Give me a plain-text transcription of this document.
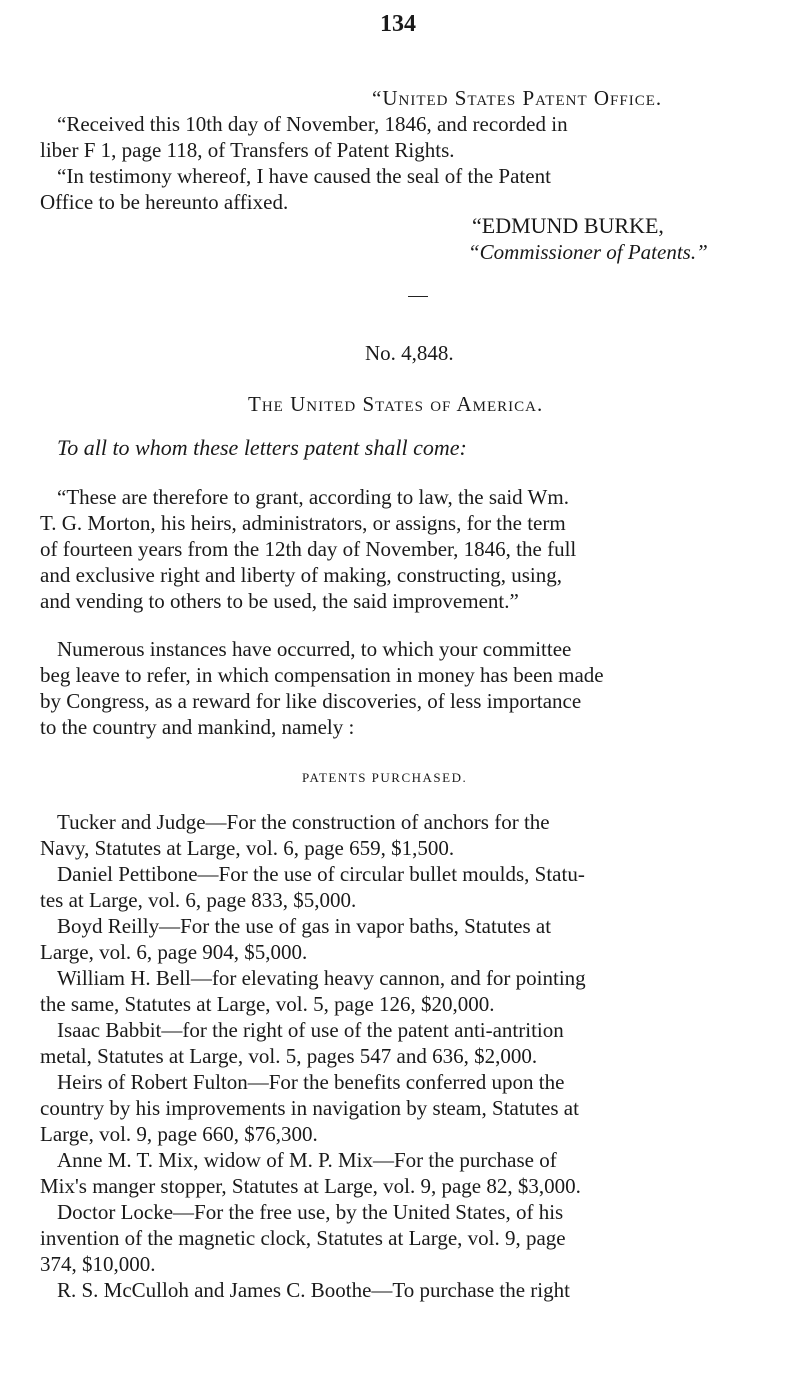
134
“United States Patent Office.
“Received this 10th day of November, 1846, and recorded in
liber F 1, page 118, of Transfers of Patent Rights.
“In testimony whereof, I have caused the seal of the Patent
Office to be hereunto affixed.
“EDMUND BURKE,
“Commissioner of Patents.”
No. 4,848.
The United States of America.
To all to whom these letters patent shall come:
“These are therefore to grant, according to law, the said Wm.
T. G. Morton, his heirs, administrators, or assigns, for the term
of fourteen years from the 12th day of November, 1846, the full
and exclusive right and liberty of making, constructing, using,
and vending to others to be used, the said improvement.”
Numerous instances have occurred, to which your committee
beg leave to refer, in which compensation in money has been made
by Congress, as a reward for like discoveries, of less importance
to the country and mankind, namely :
PATENTS PURCHASED.
Tucker and Judge—For the construction of anchors for the
Navy, Statutes at Large, vol. 6, page 659, $1,500.
Daniel Pettibone—For the use of circular bullet moulds, Statu-
tes at Large, vol. 6, page 833, $5,000.
Boyd Reilly—For the use of gas in vapor baths, Statutes at
Large, vol. 6, page 904, $5,000.
William H. Bell—for elevating heavy cannon, and for pointing
the same, Statutes at Large, vol. 5, page 126, $20,000.
Isaac Babbit—for the right of use of the patent anti-antrition
metal, Statutes at Large, vol. 5, pages 547 and 636, $2,000.
Heirs of Robert Fulton—For the benefits conferred upon the
country by his improvements in navigation by steam, Statutes at
Large, vol. 9, page 660, $76,300.
Anne M. T. Mix, widow of M. P. Mix—For the purchase of
Mix's manger stopper, Statutes at Large, vol. 9, page 82, $3,000.
Doctor Locke—For the free use, by the United States, of his
invention of the magnetic clock, Statutes at Large, vol. 9, page
374, $10,000.
R. S. McCulloh and James C. Boothe—To purchase the right
